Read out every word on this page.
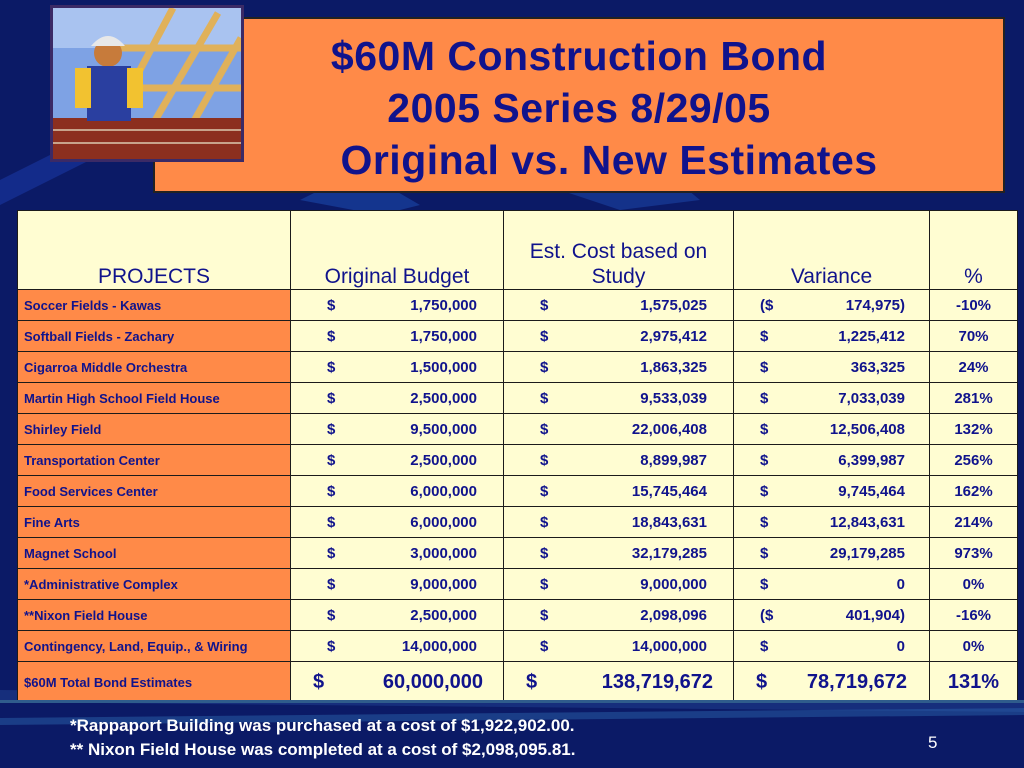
$60M Construction Bond
2005 Series 8/29/05
Original vs. New Estimates
PROJECTS	Original Budget	Est. Cost based on Study	Variance	%
Soccer Fields - Kawas	$ 1,750,000	$ 1,575,025	($ 174,975)	-10%
Softball Fields - Zachary	$ 1,750,000	$ 2,975,412	$ 1,225,412	70%
Cigarroa Middle Orchestra	$ 1,500,000	$ 1,863,325	$ 363,325	24%
Martin High School Field House	$ 2,500,000	$ 9,533,039	$ 7,033,039	281%
Shirley Field	$ 9,500,000	$ 22,006,408	$ 12,506,408	132%
Transportation Center	$ 2,500,000	$ 8,899,987	$ 6,399,987	256%
Food Services Center	$ 6,000,000	$ 15,745,464	$ 9,745,464	162%
Fine Arts	$ 6,000,000	$ 18,843,631	$ 12,843,631	214%
Magnet School	$ 3,000,000	$ 32,179,285	$ 29,179,285	973%
*Administrative Complex	$ 9,000,000	$ 9,000,000	$ 0	0%
**Nixon Field House	$ 2,500,000	$ 2,098,096	($ 401,904)	-16%
Contingency, Land, Equip., & Wiring	$ 14,000,000	$ 14,000,000	$ 0	0%
$60M Total Bond Estimates	$ 60,000,000	$ 138,719,672	$ 78,719,672	131%
*Rappaport Building was purchased at a cost of $1,922,902.00.
** Nixon Field House was completed at a cost of $2,098,095.81.	5
